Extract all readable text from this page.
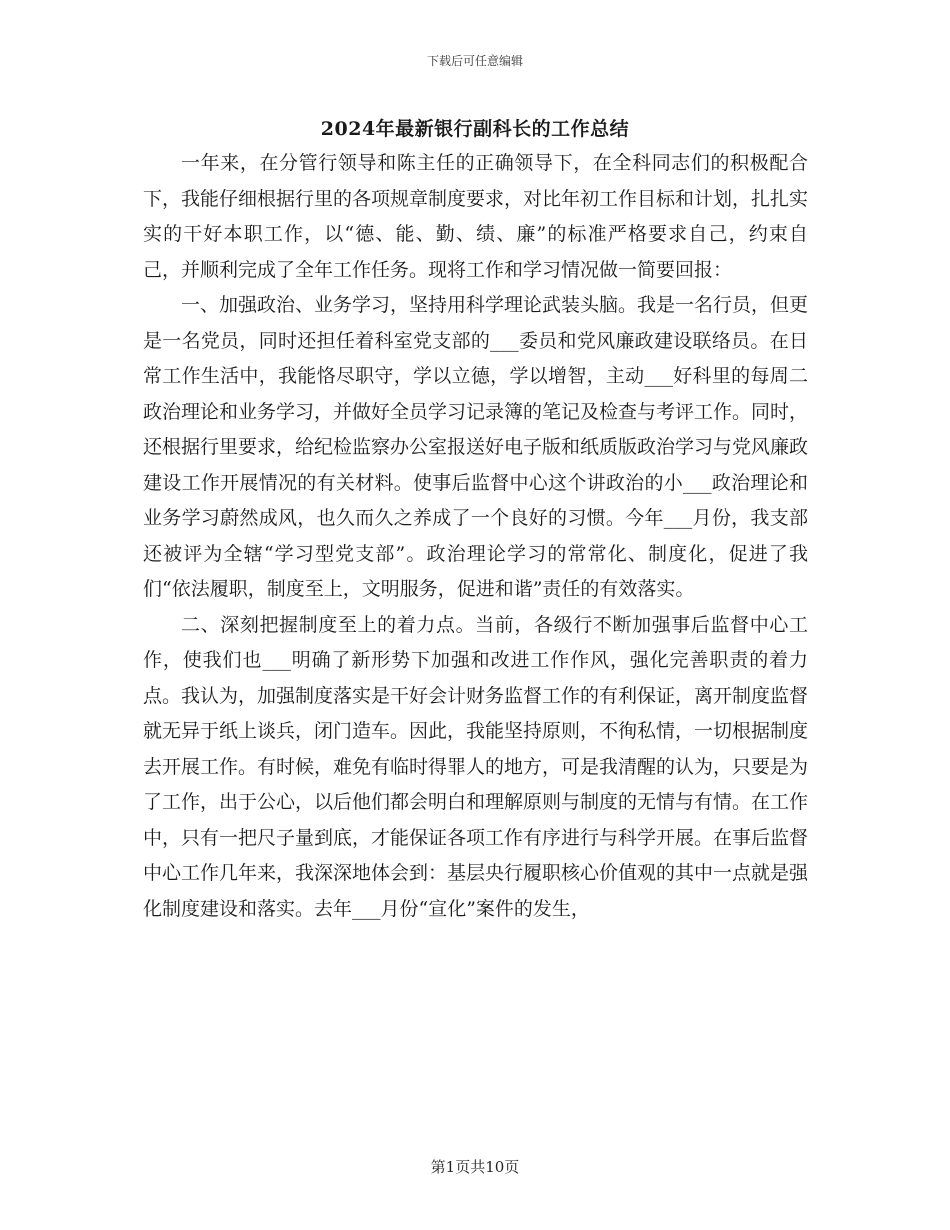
下载后可任意编辑
2024年最新银行副科长的工作总结

一年来，在分管行领导和陈主任的正确领导下，在全科同志们的积极配合下，我能仔细根据行里的各项规章制度要求，对比年初工作目标和计划，扎扎实实的干好本职工作，以“德、能、勤、绩、廉”的标准严格要求自己，约束自己，并顺利完成了全年工作任务。现将工作和学习情况做一简要回报：

一、加强政治、业务学习，坚持用科学理论武装头脑。我是一名行员，但更是一名党员，同时还担任着科室党支部的___委员和党风廉政建设联络员。在日常工作生活中，我能恪尽职守，学以立德，学以增智，主动___好科里的每周二政治理论和业务学习，并做好全员学习记录簿的笔记及检查与考评工作。同时，还根据行里要求，给纪检监察办公室报送好电子版和纸质版政治学习与党风廉政建设工作开展情况的有关材料。使事后监督中心这个讲政治的小___政治理论和业务学习蔚然成风，也久而久之养成了一个良好的习惯。今年___月份，我支部还被评为全辖“学习型党支部”。政治理论学习的常常化、制度化，促进了我们“依法履职，制度至上，文明服务，促进和谐”责任的有效落实。

二、深刻把握制度至上的着力点。当前，各级行不断加强事后监督中心工作，使我们也___明确了新形势下加强和改进工作作风，强化完善职责的着力点。我认为，加强制度落实是干好会计财务监督工作的有利保证，离开制度监督就无异于纸上谈兵，闭门造车。因此，我能坚持原则，不徇私情，一切根据制度去开展工作。有时候，难免有临时得罪人的地方，可是我清醒的认为，只要是为了工作，出于公心，以后他们都会明白和理解原则与制度的无情与有情。在工作中，只有一把尺子量到底，才能保证各项工作有序进行与科学开展。在事后监督中心工作几年来，我深深地体会到：基层央行履职核心价值观的其中一点就是强化制度建设和落实。去年___月份“宣化”案件的发生，

第1页共10页
